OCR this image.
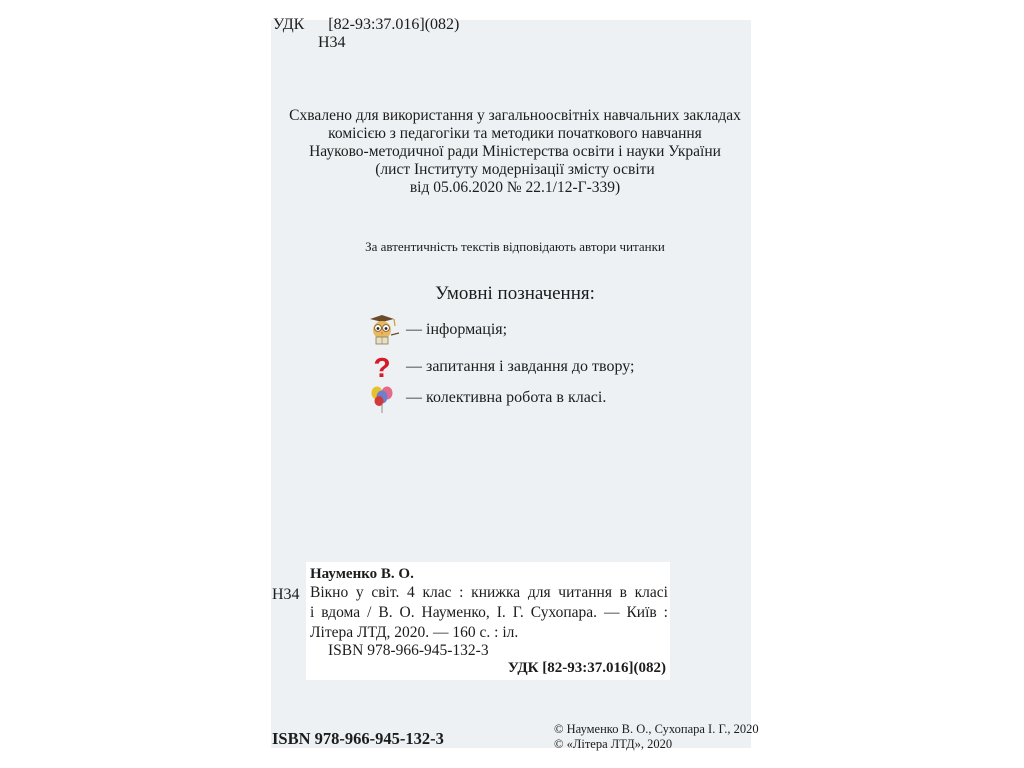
УДК [82-93:37.016](082)
Н34
Схвалено для використання у загальноосвітніх навчальних закладах
комісією з педагогіки та методики початкового навчання
Науково-методичної ради Міністерства освіти і науки України
(лист Інституту модернізації змісту освіти
від 05.06.2020 № 22.1/12-Г-339)
За автентичність текстів відповідають автори читанки
Умовні позначення:
— інформація;
? — запитання і завдання до твору;
— колективна робота в класі.
Н34
Науменко В. О.
Вікно у світ. 4 клас : книжка для читання в класі
і вдома / В. О. Науменко, І. Г. Сухопара. — Київ :
Літера ЛТД, 2020. — 160 с. : іл.
ISBN 978-966-945-132-3
УДК [82-93:37.016](082)
ISBN 978-966-945-132-3	© Науменко В. О., Сухопара І. Г., 2020
© «Літера ЛТД», 2020
